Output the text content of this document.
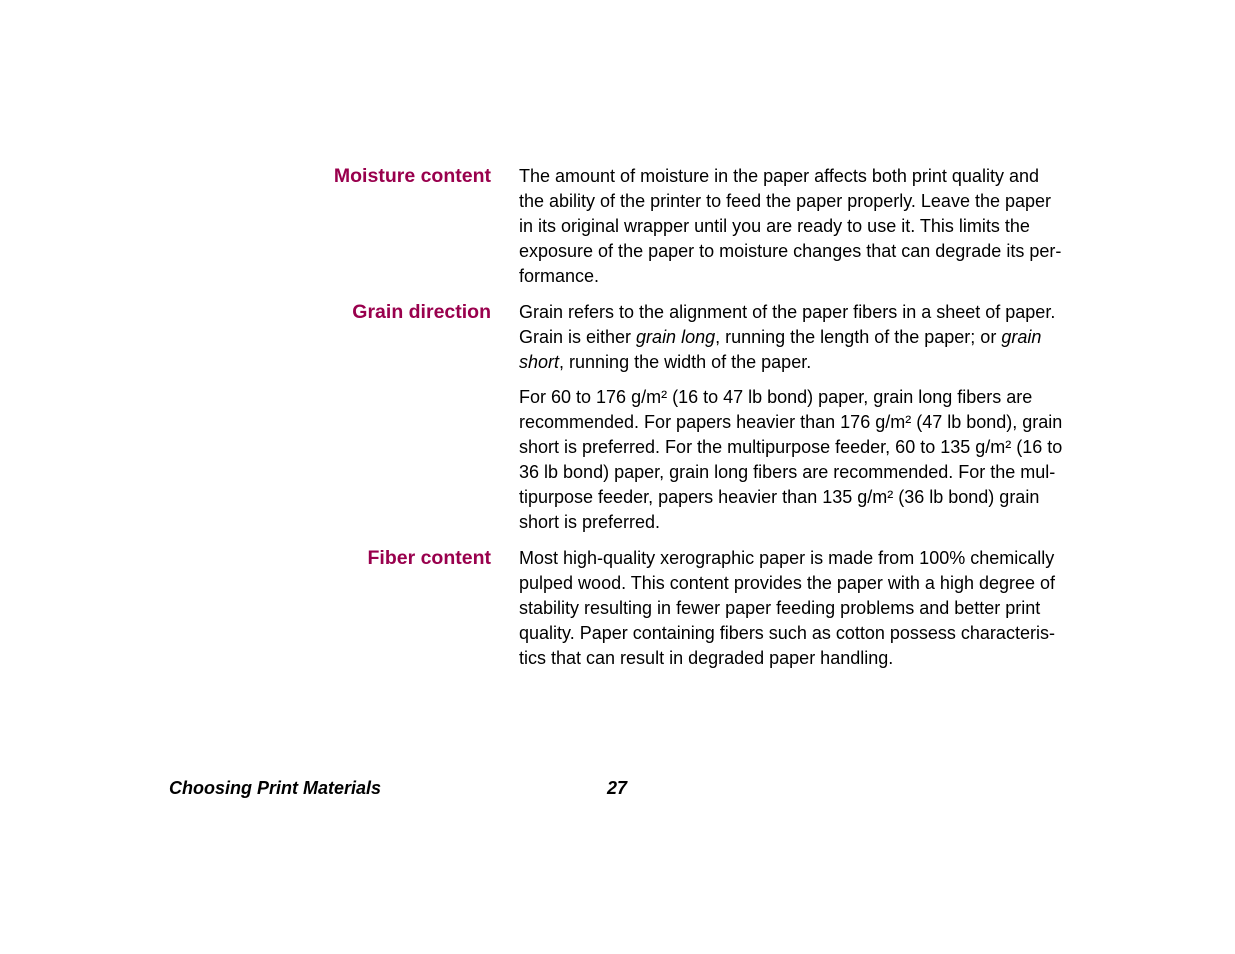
Moisture content The amount of moisture in the paper affects both print quality and
the ability of the printer to feed the paper properly. Leave the paper
in its original wrapper until you are ready to use it. This limits the
exposure of the paper to moisture changes that can degrade its per-
formance.

Grain direction Grain refers to the alignment of the paper fibers in a sheet of paper.
Grain is either grain long, running the length of the paper; or grain
short, running the width of the paper.

For 60 to 176 g/m² (16 to 47 lb bond) paper, grain long fibers are
recommended. For papers heavier than 176 g/m² (47 lb bond), grain
short is preferred. For the multipurpose feeder, 60 to 135 g/m² (16 to
36 lb bond) paper, grain long fibers are recommended. For the mul-
tipurpose feeder, papers heavier than 135 g/m² (36 lb bond) grain
short is preferred.

Fiber content Most high-quality xerographic paper is made from 100% chemically
pulped wood. This content provides the paper with a high degree of
stability resulting in fewer paper feeding problems and better print
quality. Paper containing fibers such as cotton possess characteris-
tics that can result in degraded paper handling.

Choosing Print Materials	27
